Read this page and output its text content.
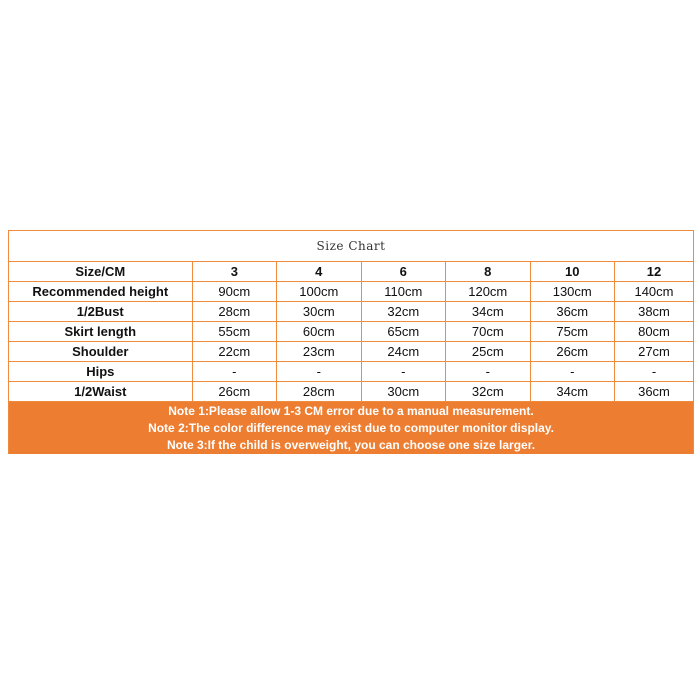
Size Chart
Size/CM	3	4	6	8	10	12
Recommended height	90cm	100cm	110cm	120cm	130cm	140cm
1/2Bust	28cm	30cm	32cm	34cm	36cm	38cm
Skirt length	55cm	60cm	65cm	70cm	75cm	80cm
Shoulder	22cm	23cm	24cm	25cm	26cm	27cm
Hips	-	-	-	-	-	-
1/2Waist	26cm	28cm	30cm	32cm	34cm	36cm
Note 1:Please allow 1-3 CM error due to a manual measurement.
Note 2:The color difference may exist due to computer monitor display.
Note 3:If the child is overweight, you can choose one size larger.
